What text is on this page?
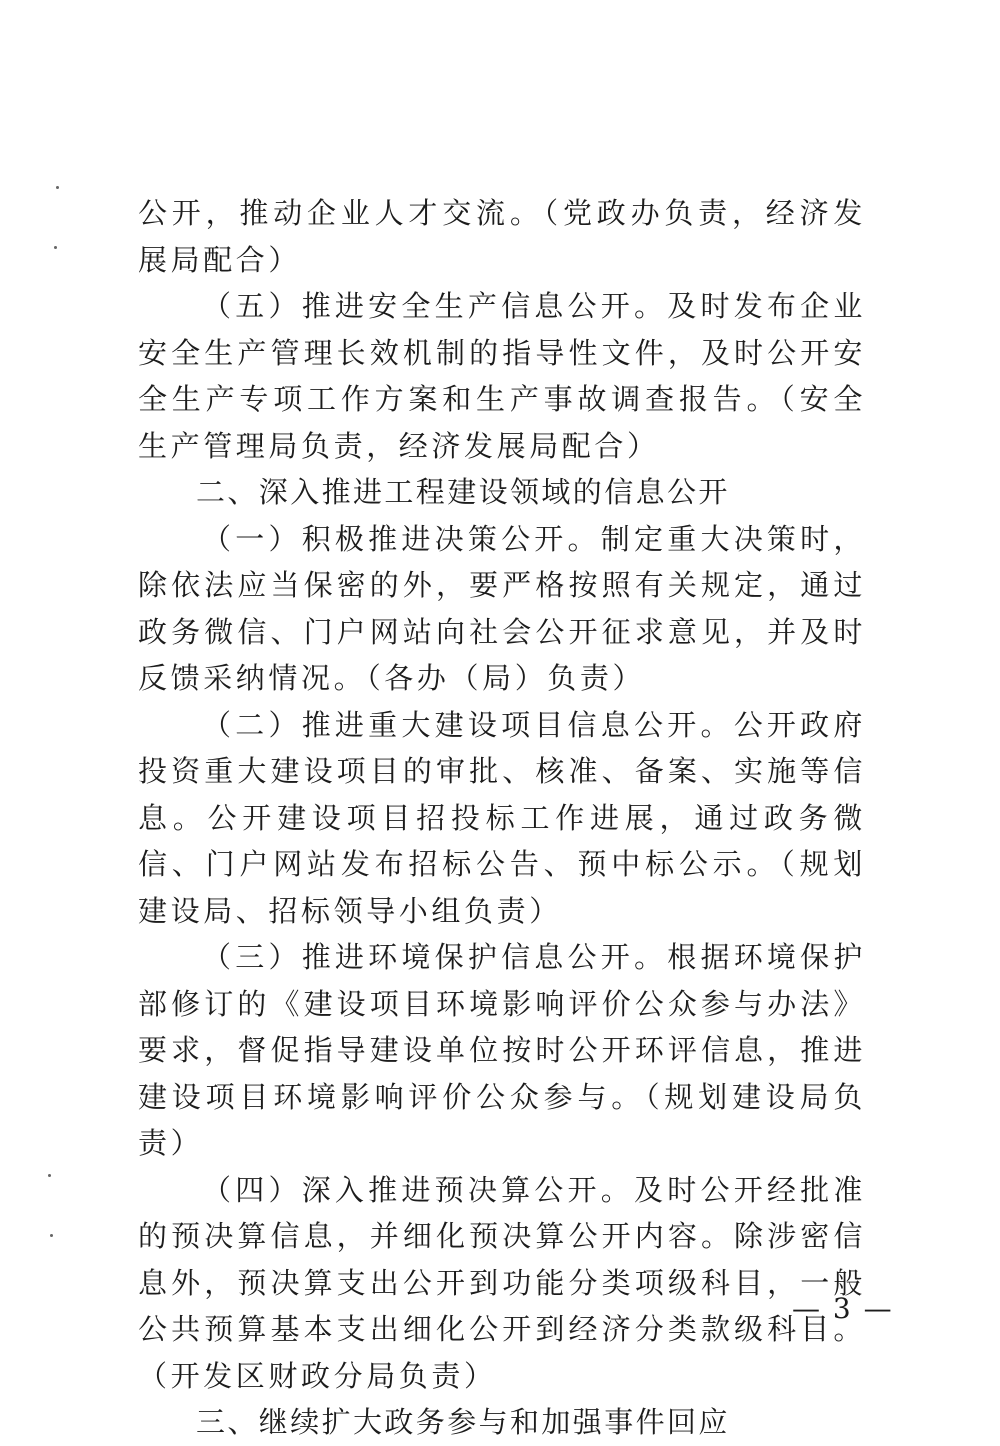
公开，推动企业人才交流。（党政办负责，经济发展局配合）

（五）推进安全生产信息公开。及时发布企业安全生产管理长效机制的指导性文件，及时公开安全生产专项工作方案和生产事故调查报告。（安全生产管理局负责，经济发展局配合）

二、深入推进工程建设领域的信息公开

（一）积极推进决策公开。制定重大决策时，除依法应当保密的外，要严格按照有关规定，通过政务微信、门户网站向社会公开征求意见，并及时反馈采纳情况。（各办（局）负责）

（二）推进重大建设项目信息公开。公开政府投资重大建设项目的审批、核准、备案、实施等信息。公开建设项目招投标工作进展，通过政务微信、门户网站发布招标公告、预中标公示。（规划建设局、招标领导小组负责）

（三）推进环境保护信息公开。根据环境保护部修订的《建设项目环境影响评价公众参与办法》要求，督促指导建设单位按时公开环评信息，推进建设项目环境影响评价公众参与。（规划建设局负责）

（四）深入推进预决算公开。及时公开经批准的预决算信息，并细化预决算公开内容。除涉密信息外，预决算支出公开到功能分类项级科目，一般公共预算基本支出细化公开到经济分类款级科目。（开发区财政分局负责）

三、继续扩大政务参与和加强事件回应

— 3 —
